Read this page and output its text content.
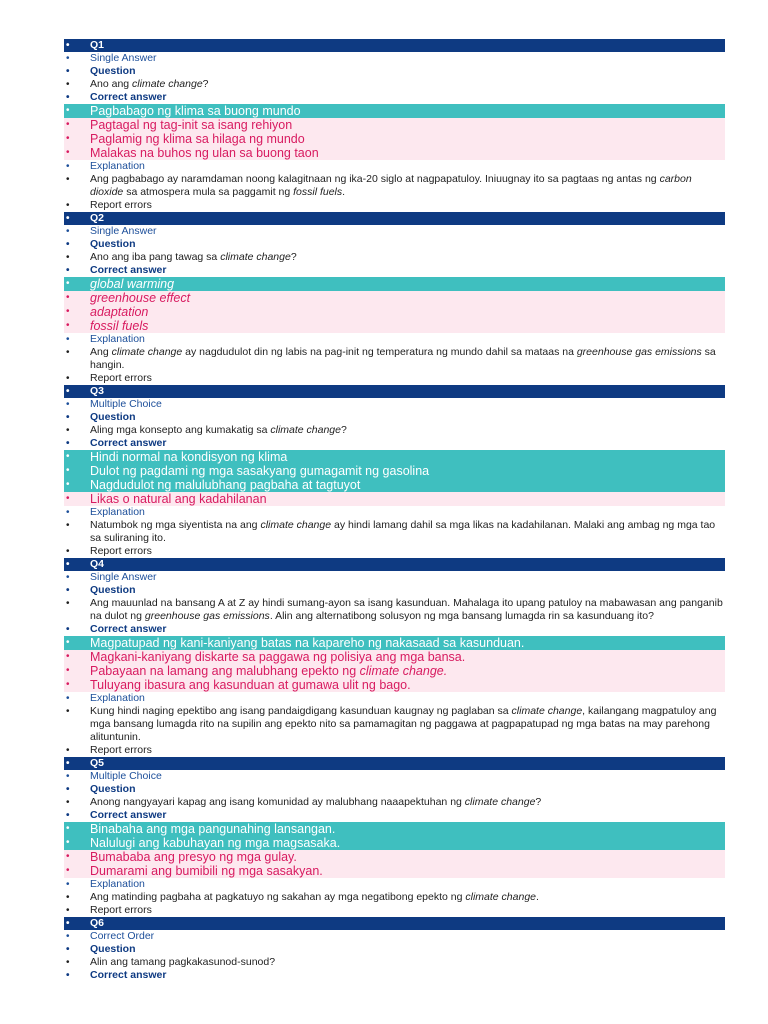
• Q1
• Single Answer
• Question
• Ano ang climate change?
• Correct answer
• Pagbabago ng klima sa buong mundo
• Pagtagal ng tag-init sa isang rehiyon
• Paglamig ng klima sa hilaga ng mundo
• Malakas na buhos ng ulan sa buong taon
• Explanation
• Ang pagbabago ay naramdaman noong kalagitnaan ng ika-20 siglo at nagpapatuloy. Iniuugnay ito sa pagtaas ng antas ng carbon dioxide sa atmospera mula sa paggamit ng fossil fuels.
• Report errors
• Q2
• Single Answer
• Question
• Ano ang iba pang tawag sa climate change?
• Correct answer
• global warming
• greenhouse effect
• adaptation
• fossil fuels
• Explanation
• Ang climate change ay nagdudulot din ng labis na pag-init ng temperatura ng mundo dahil sa mataas na greenhouse gas emissions sa hangin.
• Report errors
• Q3
• Multiple Choice
• Question
• Aling mga konsepto ang kumakatig sa climate change?
• Correct answer
• Hindi normal na kondisyon ng klima
• Dulot ng pagdami ng mga sasakyang gumagamit ng gasolina
• Nagdudulot ng malulubhang pagbaha at tagtuyot
• Likas o natural ang kadahilanan
• Explanation
• Natumbok ng mga siyentista na ang climate change ay hindi lamang dahil sa mga likas na kadahilanan. Malaki ang ambag ng mga tao sa suliraning ito.
• Report errors
• Q4
• Single Answer
• Question
• Ang mauunlad na bansang A at Z ay hindi sumang-ayon sa isang kasunduan. Mahalaga ito upang patuloy na mabawasan ang panganib na dulot ng greenhouse gas emissions. Alin ang alternatibong solusyon ng mga bansang lumagda rin sa kasunduang ito?
• Correct answer
• Magpatupad ng kani-kaniyang batas na kapareho ng nakasaad sa kasunduan.
• Magkani-kaniyang diskarte sa paggawa ng polisiya ang mga bansa.
• Pabayaan na lamang ang malubhang epekto ng climate change.
• Tuluyang ibasura ang kasunduan at gumawa ulit ng bago.
• Explanation
• Kung hindi naging epektibo ang isang pandaigdigang kasunduan kaugnay ng paglaban sa climate change, kailangang magpatuloy ang mga bansang lumagda rito na supilin ang epekto nito sa pamamagitan ng paggawa at pagpapatupad ng mga batas na may parehong alituntunin.
• Report errors
• Q5
• Multiple Choice
• Question
• Anong nangyayari kapag ang isang komunidad ay malubhang naaapektuhan ng climate change?
• Correct answer
• Binabaha ang mga pangunahing lansangan.
• Nalulugi ang kabuhayan ng mga magsasaka.
• Bumababa ang presyo ng mga gulay.
• Dumarami ang bumibili ng mga sasakyan.
• Explanation
• Ang matinding pagbaha at pagkatuyo ng sakahan ay mga negatibong epekto ng climate change.
• Report errors
• Q6
• Correct Order
• Question
• Alin ang tamang pagkakasunod-sunod?
• Correct answer
